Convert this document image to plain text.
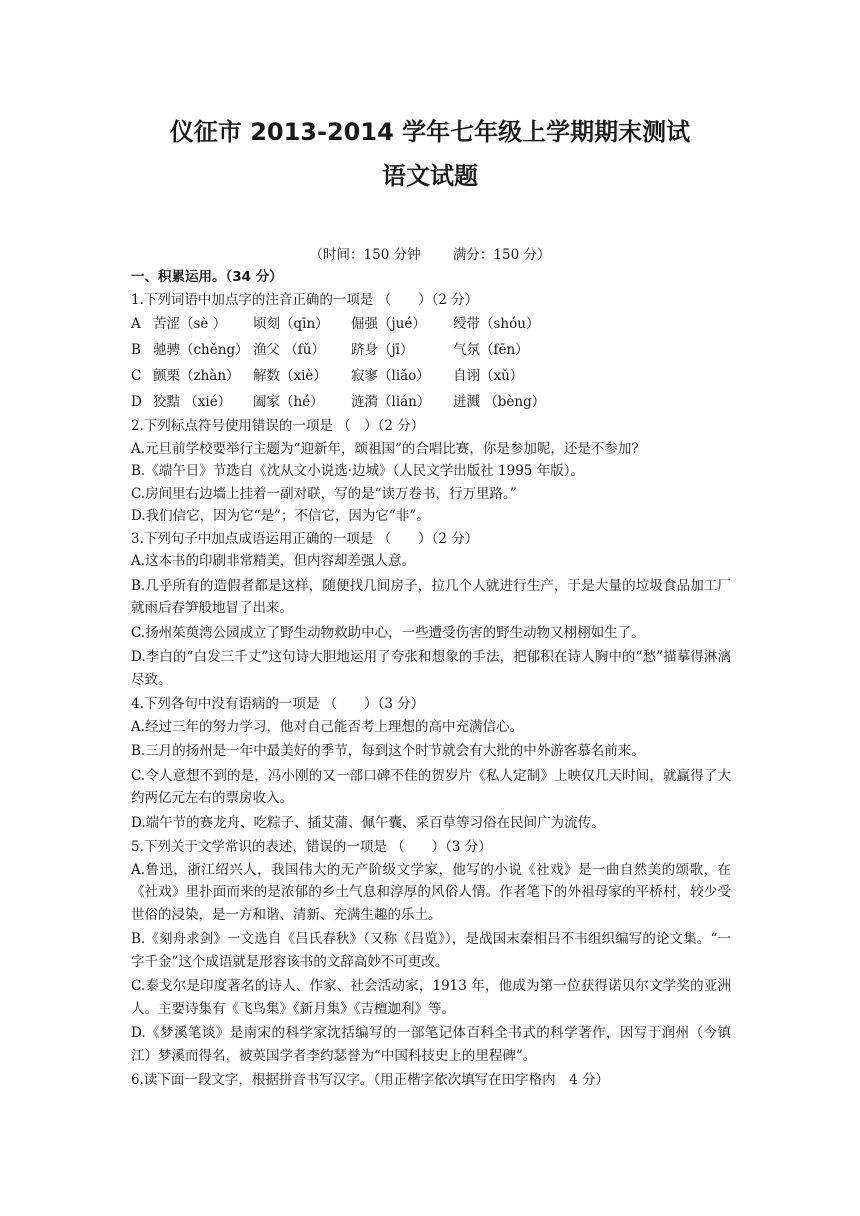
仪征市 2013-2014 学年七年级上学期期末测试
语文试题
（时间：150 分钟 满分：150 分）
一、积累运用。（34 分）
1.下列词语中加点字的注音正确的一项是 （　　）（2 分）
A 苦涩（sè ）	顷刻（qīn）	倔强（jué）	绶带（shóu）
B 驰骋（chěng） 渔父 （fǔ）	跻身（jī）	气氛（fēn）
C 颤栗（zhàn） 解数（xiè）	寂寥（liǎo）	自诩（xǔ）
D 狡黠 （xié）	阖家（hé）	涟漪（lián）	迸溅 （bèng）
2.下列标点符号使用错误的一项是 （　）（2 分）
A.元旦前学校要举行主题为“迎新年，颂祖国”的合唱比赛，你是参加呢，还是不参加?
B.《端午日》节选自《沈从文小说选·边城》（人民文学出版社 1995 年版）。
C.房间里右边墙上挂着一副对联，写的是“读万卷书，行万里路。”
D.我们信它，因为它“是”；不信它，因为它“非”。
3.下列句子中加点成语运用正确的一项是 （　　）（2 分）
A.这本书的印刷非常精美，但内容却差强人意。
B.几乎所有的造假者都是这样，随便找几间房子，拉几个人就进行生产，于是大量的垃圾食品加工厂就雨后春笋般地冒了出来。
C.扬州茱萸湾公园成立了野生动物救助中心，一些遭受伤害的野生动物又栩栩如生了。
D.李白的“白发三千丈”这句诗大胆地运用了夸张和想象的手法，把郁积在诗人胸中的“愁”描摹得淋漓尽致。
4.下列各句中没有语病的一项是 （　　）（3 分）
A.经过三年的努力学习，他对自己能否考上理想的高中充满信心。
B.三月的扬州是一年中最美好的季节，每到这个时节就会有大批的中外游客慕名前来。
C.令人意想不到的是，冯小刚的又一部口碑不佳的贺岁片《私人定制》上映仅几天时间，就赢得了大约两亿元左右的票房收入。
D.端午节的赛龙舟、吃粽子、插艾蒲、佩午囊、采百草等习俗在民间广为流传。
5.下列关于文学常识的表述，错误的一项是 （　　）（3 分）
A.鲁迅，浙江绍兴人，我国伟大的无产阶级文学家，他写的小说《社戏》是一曲自然美的颂歌，在《社戏》里扑面而来的是浓郁的乡土气息和淳厚的风俗人情。作者笔下的外祖母家的平桥村，较少受世俗的浸染，是一方和谐、清新、充满生趣的乐土。
B.《刻舟求剑》一文选自《吕氏春秋》（又称《吕览》），是战国末秦相吕不韦组织编写的论文集。“一字千金”这个成语就是形容该书的文辞高妙不可更改。
C.泰戈尔是印度著名的诗人、作家、社会活动家，1913 年，他成为第一位获得诺贝尔文学奖的亚洲人。主要诗集有《飞鸟集》《新月集》《吉檀迦利》等。
D.《梦溪笔谈》是南宋的科学家沈括编写的一部笔记体百科全书式的科学著作，因写于润州（今镇江）梦溪而得名，被英国学者李约瑟誉为“中国科技史上的里程碑”。
6.读下面一段文字，根据拼音书写汉字。（用正楷字依次填写在田字格内　4 分）
